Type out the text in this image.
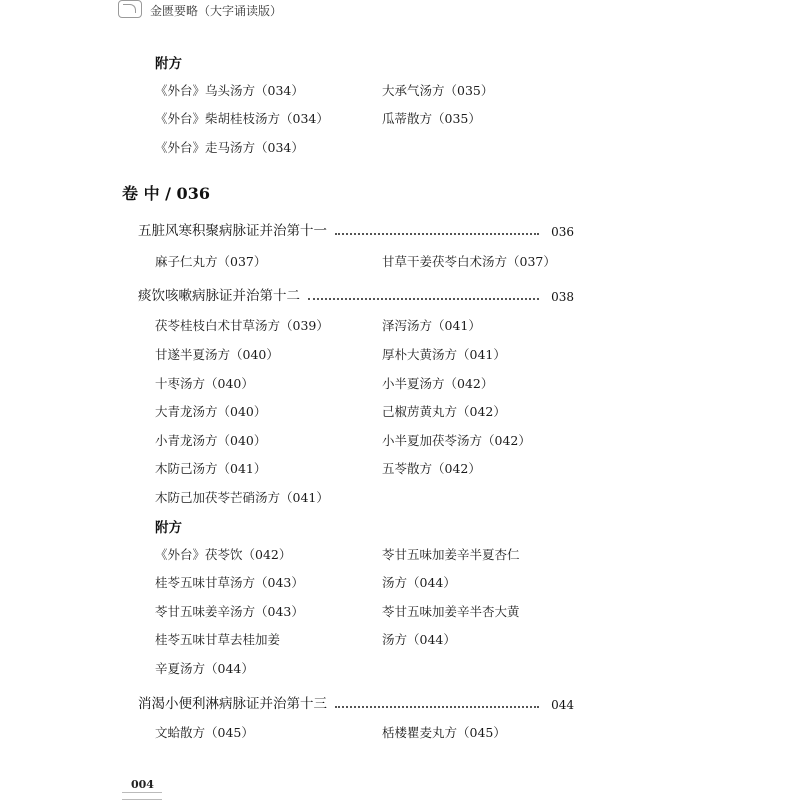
金匮要略（大字诵读版）
附方
《外台》乌头汤方（034）	大承气汤方（035）
《外台》柴胡桂枝汤方（034）	瓜蒂散方（035）
《外台》走马汤方（034）
卷 中 / 036
五脏风寒积聚病脉证并治第十一	036
麻子仁丸方（037）	甘草干姜茯苓白术汤方（037）
痰饮咳嗽病脉证并治第十二	038
茯苓桂枝白术甘草汤方（039）	泽泻汤方（041）
甘遂半夏汤方（040）	厚朴大黄汤方（041）
十枣汤方（040）	小半夏汤方（042）
大青龙汤方（040）	己椒苈黄丸方（042）
小青龙汤方（040）	小半夏加茯苓汤方（042）
木防己汤方（041）	五苓散方（042）
木防己加茯苓芒硝汤方（041）
附方
《外台》茯苓饮（042）	苓甘五味加姜辛半夏杏仁
桂苓五味甘草汤方（043）	汤方（044）
苓甘五味姜辛汤方（043）	苓甘五味加姜辛半杏大黄
桂苓五味甘草去桂加姜	汤方（044）
辛夏汤方（044）
消渴小便利淋病脉证并治第十三	044
文蛤散方（045）	栝楼瞿麦丸方（045）
004
